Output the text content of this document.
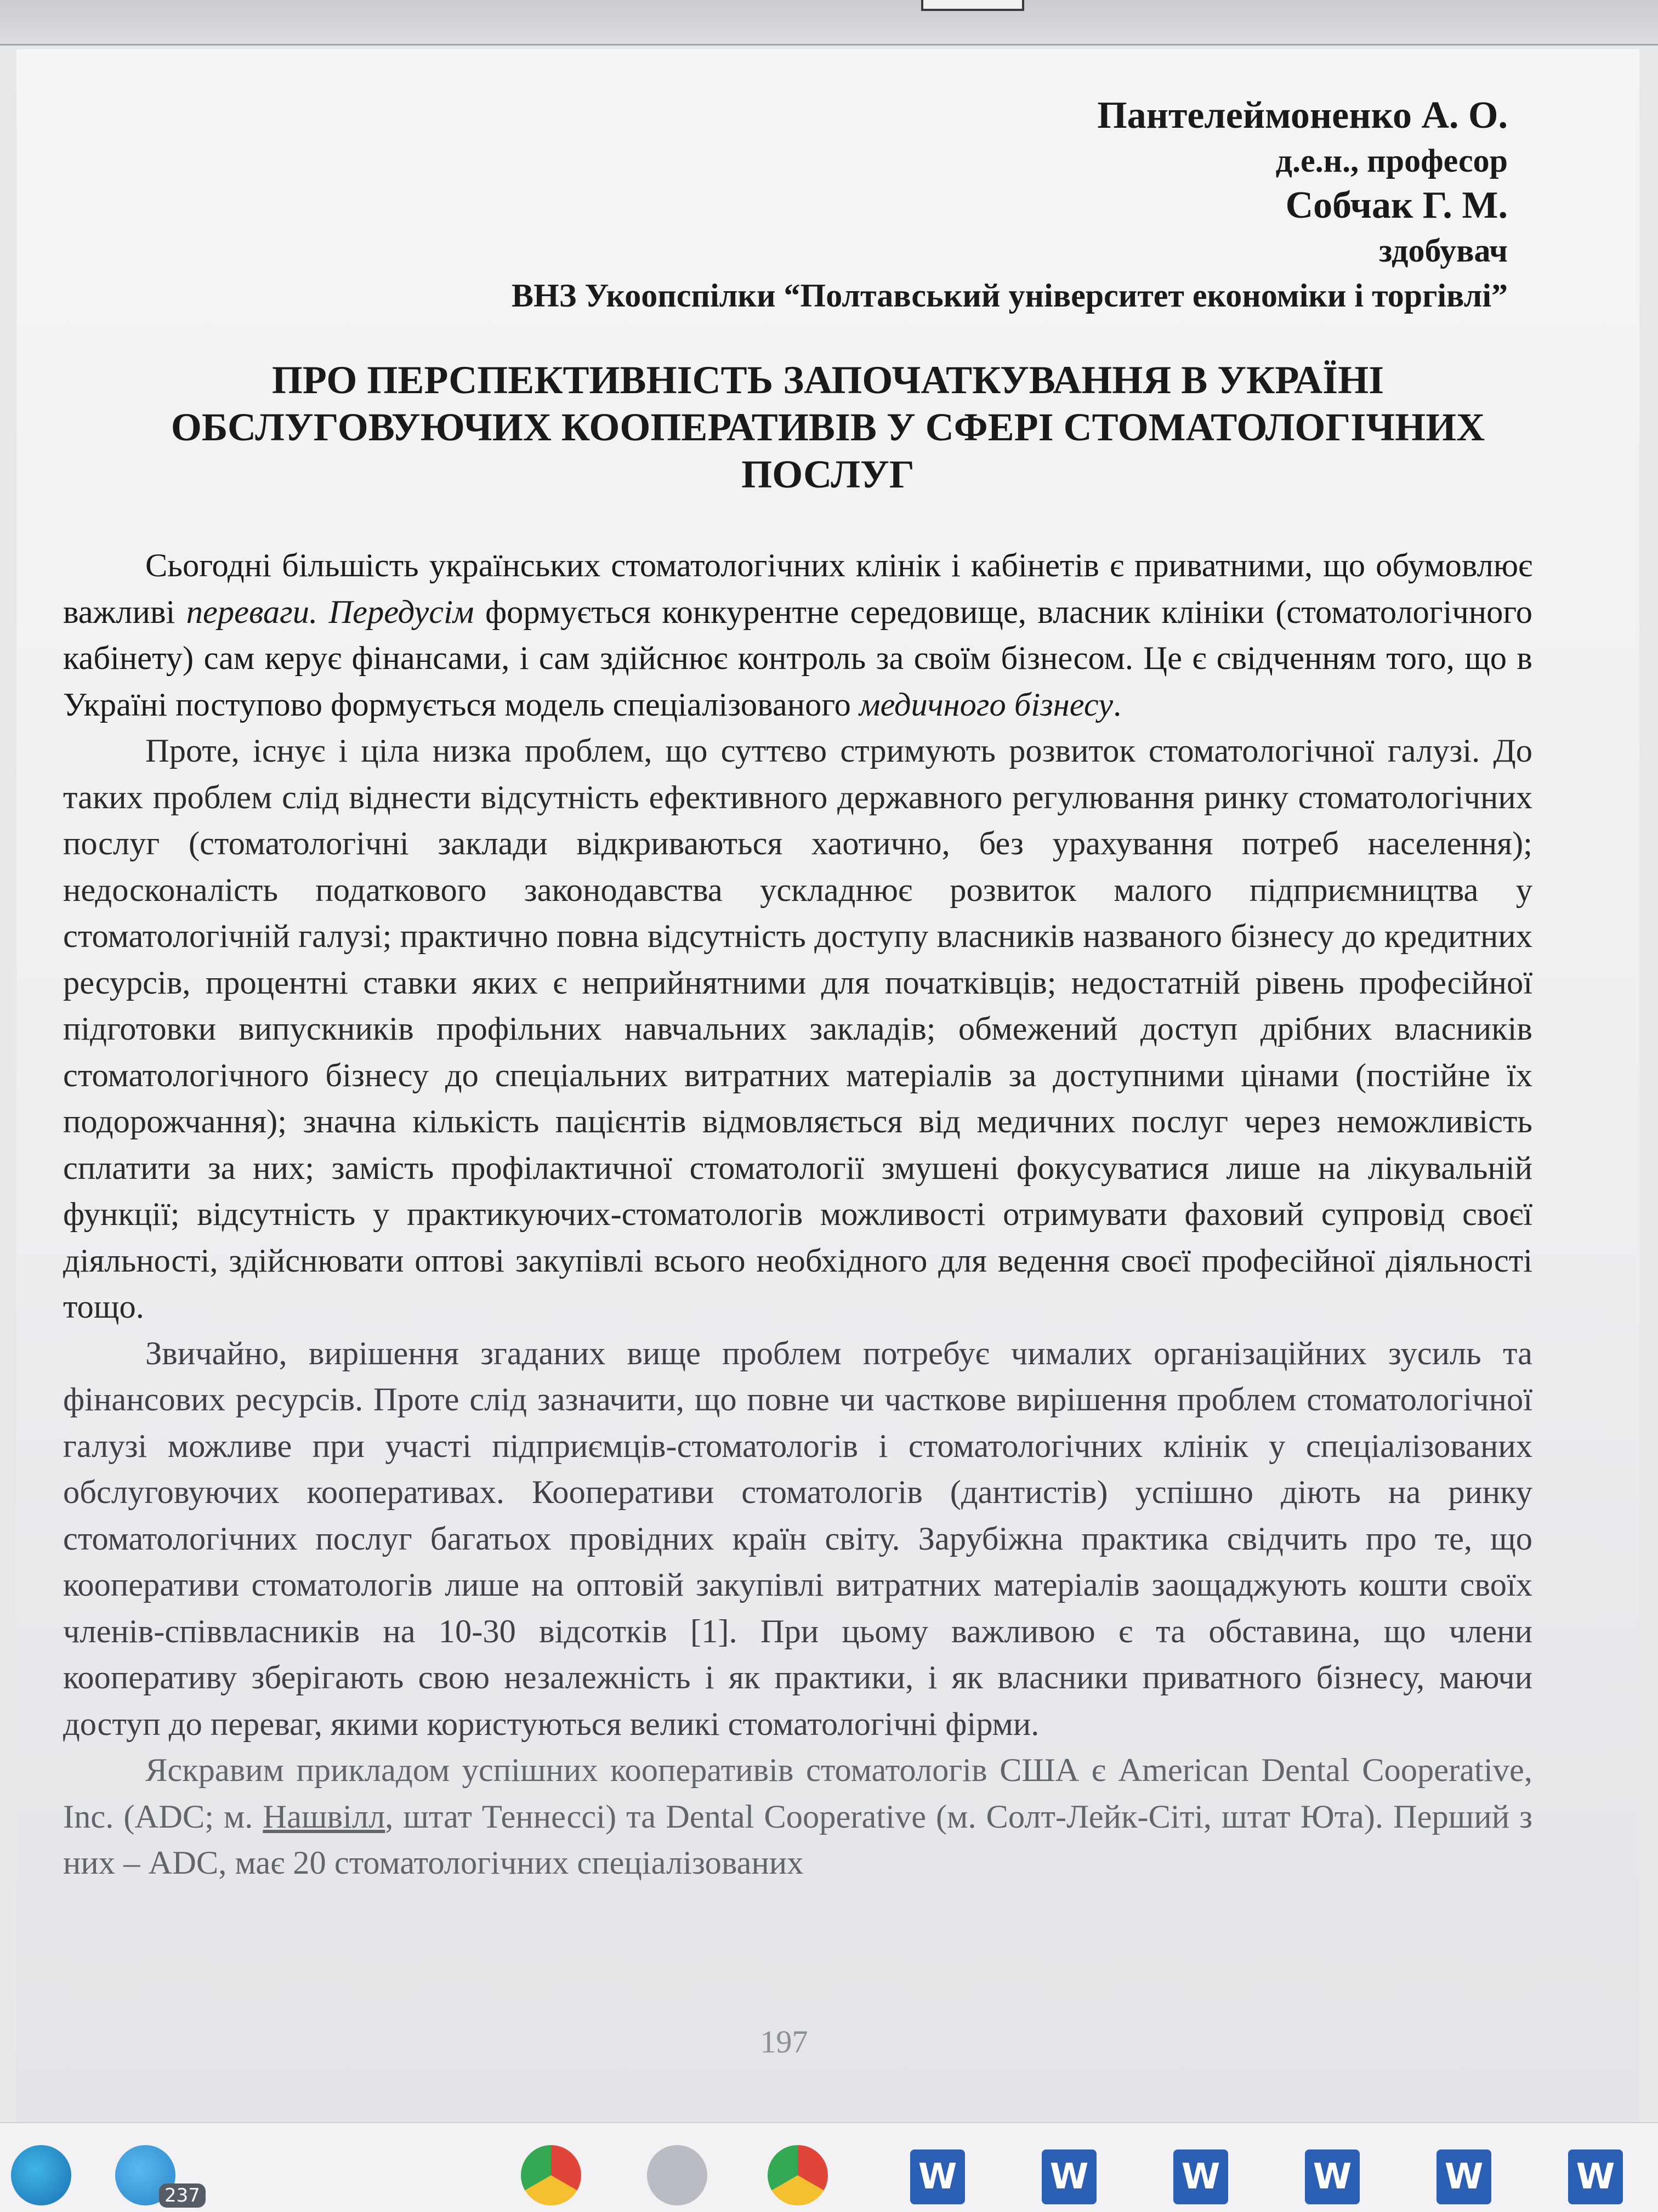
Пантелеймоненко А. О.
д.е.н., професор
Собчак Г. М.
здобувач
ВНЗ Укоопспілки “Полтавський університет економіки і торгівлі”
ПРО ПЕРСПЕКТИВНІСТЬ ЗАПОЧАТКУВАННЯ В УКРАЇНІ ОБСЛУГОВУЮЧИХ КООПЕРАТИВІВ У СФЕРІ СТОМАТОЛОГІЧНИХ ПОСЛУГ

Сьогодні більшість українських стоматологічних клінік і кабінетів є приватними, що обумовлює важливі переваги. Передусім формується конкурентне середовище, власник клініки (стоматологічного кабінету) сам керує фінансами, і сам здійснює контроль за своїм бізнесом. Це є свідченням того, що в Україні поступово формується модель спеціалізованого медичного бізнесу.

Проте, існує і ціла низка проблем, що суттєво стримують розвиток стоматологічної галузі. До таких проблем слід віднести відсутність ефективного державного регулювання ринку стоматологічних послуг (стоматологічні заклади відкриваються хаотично, без урахування потреб населення); недосконалість податкового законодавства ускладнює розвиток малого підприємництва у стоматологічній галузі; практично повна відсутність доступу власників названого бізнесу до кредитних ресурсів, процентні ставки яких є неприйнятними для початківців; недостатній рівень професійної підготовки випускників профільних навчальних закладів; обмежений доступ дрібних власників стоматологічного бізнесу до спеціальних витратних матеріалів за доступними цінами (постійне їх подорожчання); значна кількість пацієнтів відмовляється від медичних послуг через неможливість сплатити за них; замість профілактичної стоматології змушені фокусуватися лише на лікувальній функції; відсутність у практикуючих-стоматологів можливості отримувати фаховий супровід своєї діяльності, здійснювати оптові закупівлі всього необхідного для ведення своєї професійної діяльності тощо.

Звичайно, вирішення згаданих вище проблем потребує чималих організаційних зусиль та фінансових ресурсів. Проте слід зазначити, що повне чи часткове вирішення проблем стоматологічної галузі можливе при участі підприємців-стоматологів і стоматологічних клінік у спеціалізованих обслуговуючих кооперативах. Кооперативи стоматологів (дантистів) успішно діють на ринку стоматологічних послуг багатьох провідних країн світу. Зарубіжна практика свідчить про те, що кооперативи стоматологів лише на оптовій закупівлі витратних матеріалів заощаджують кошти своїх членів-співвласників на 10-30 відсотків [1]. При цьому важливою є та обставина, що члени кооперативу зберігають свою незалежність і як практики, і як власники приватного бізнесу, маючи доступ до переваг, якими користуються великі стоматологічні фірми.

Яскравим прикладом успішних кооперативів стоматологів США є American Dental Cooperative, Inc. (ADC; м. Нашвілл, штат Теннессі) та Dental Cooperative (м. Солт-Лейк-Сіті, штат Юта). Перший з них – ADC, має 20 стоматологічних спеціалізованих

197
237	W	W	W	W	W	W
